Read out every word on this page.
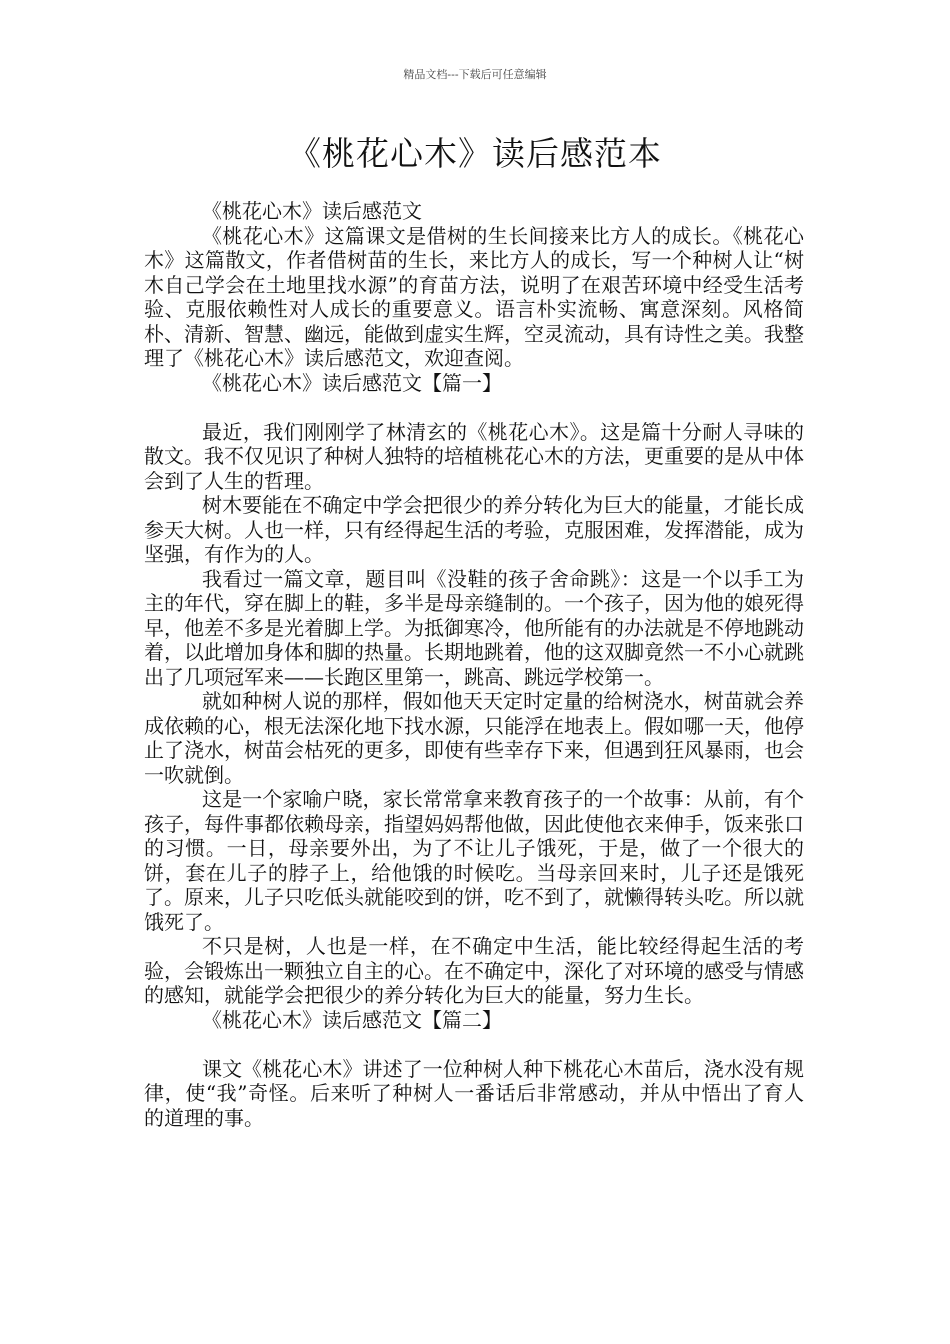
精品文档---下载后可任意编辑
《桃花心木》读后感范本

《桃花心木》读后感范文

《桃花心木》这篇课文是借树的生长间接来比方人的成长。《桃花心木》这篇散文，作者借树苗的生长，来比方人的成长，写一个种树人让“树木自己学会在土地里找水源”的育苗方法，说明了在艰苦环境中经受生活考验、克服依赖性对人成长的重要意义。语言朴实流畅、寓意深刻。风格简朴、清新、智慧、幽远，能做到虚实生辉，空灵流动，具有诗性之美。我整理了《桃花心木》读后感范文，欢迎查阅。

《桃花心木》读后感范文【篇一】

最近，我们刚刚学了林清玄的《桃花心木》。这是篇十分耐人寻味的散文。我不仅见识了种树人独特的培植桃花心木的方法，更重要的是从中体会到了人生的哲理。

树木要能在不确定中学会把很少的养分转化为巨大的能量，才能长成参天大树。人也一样，只有经得起生活的考验，克服困难，发挥潜能，成为坚强，有作为的人。

我看过一篇文章，题目叫《没鞋的孩子舍命跳》：这是一个以手工为主的年代，穿在脚上的鞋，多半是母亲缝制的。一个孩子，因为他的娘死得早，他差不多是光着脚上学。为抵御寒冷，他所能有的办法就是不停地跳动着，以此增加身体和脚的热量。长期地跳着，他的这双脚竟然一不小心就跳出了几项冠军来——长跑区里第一，跳高、跳远学校第一。

就如种树人说的那样，假如他天天定时定量的给树浇水，树苗就会养成依赖的心，根无法深化地下找水源，只能浮在地表上。假如哪一天，他停止了浇水，树苗会枯死的更多，即使有些幸存下来，但遇到狂风暴雨，也会一吹就倒。

这是一个家喻户晓，家长常常拿来教育孩子的一个故事：从前，有个孩子，每件事都依赖母亲，指望妈妈帮他做，因此使他衣来伸手，饭来张口的习惯。一日，母亲要外出，为了不让儿子饿死，于是，做了一个很大的饼，套在儿子的脖子上，给他饿的时候吃。当母亲回来时，儿子还是饿死了。原来，儿子只吃低头就能咬到的饼，吃不到了，就懒得转头吃。所以就饿死了。

不只是树，人也是一样，在不确定中生活，能比较经得起生活的考验，会锻炼出一颗独立自主的心。在不确定中，深化了对环境的感受与情感的感知，就能学会把很少的养分转化为巨大的能量，努力生长。

《桃花心木》读后感范文【篇二】

课文《桃花心木》讲述了一位种树人种下桃花心木苗后，浇水没有规律，使“我”奇怪。后来听了种树人一番话后非常感动，并从中悟出了育人的道理的事。
